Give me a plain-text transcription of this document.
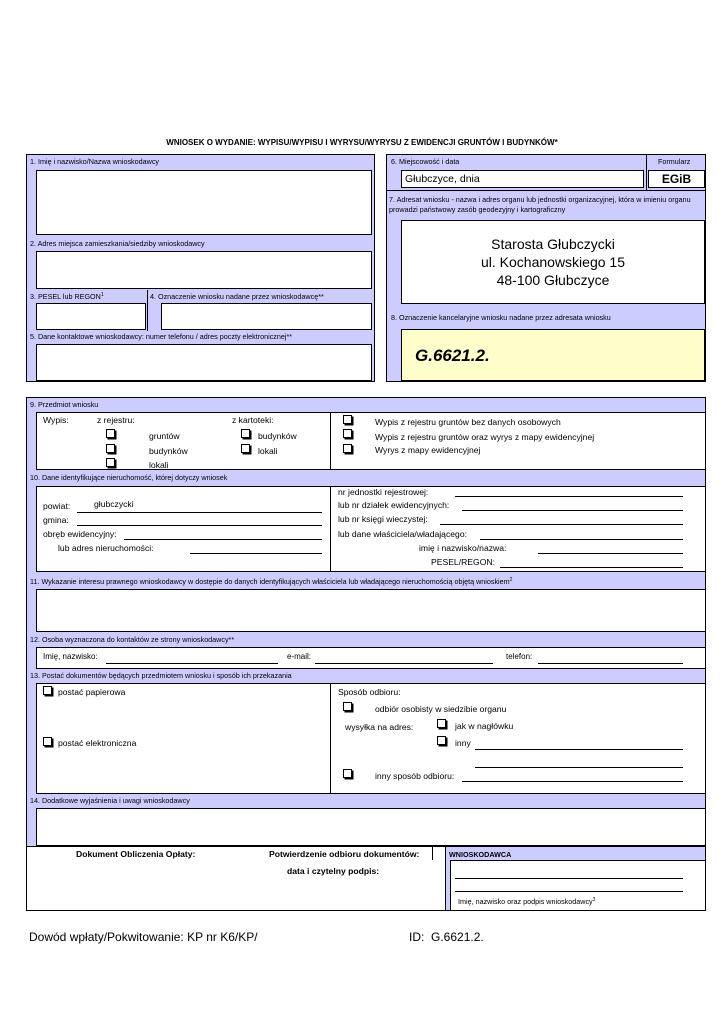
WNIOSEK O WYDANIE: WYPISU/WYPISU I WYRYSU/WYRYSU Z EWIDENCJI GRUNTÓW I BUDYNKÓW*
1. Imię i nazwisko/Nazwa wnioskodawcy
2. Adres miejsca zamieszkania/siedziby wnioskodawcy
3. PESEL lub REGON$^1$	4. Oznaczenie wniosku nadane przez wnioskodawcę**
5. Dane kontaktowe wnioskodawcy: numer telefonu / adres poczty elektronicznej**
6. Miejscowość i data
Głubczyce, dnia
Formularz
EGiB
7. Adresat wniosku - nazwa i adres organu lub jednostki organizacyjnej, która w imieniu organu prowadzi państwowy zasób geodezyjny i kartograficzny
Starosta Głubczycki
ul. Kochanowskiego 15
48-100 Głubczyce
8. Oznaczenie kancelaryjne wniosku nadane przez adresata wniosku
G.6621.2.
9. Przedmiot wniosku
Wypis:	z rejestru:	z kartoteki:
gruntów
budynków
lokali
budynków
lokali
Wypis z rejestru gruntów bez danych osobowych
Wypis z rejestru gruntów oraz wyrys z mapy ewidencyjnej
Wyrys z mapy ewidencyjnej
10. Dane identyfikujące nieruchomość, której dotyczy wniosek
powiat:	głubczycki
gmina:
obręb ewidencyjny:
lub adres nieruchomości:
nr jednostki rejestrowej:
lub nr działek ewidencyjnych:
lub nr księgi wieczystej:
lub dane właściciela/władającego:
imię i nazwisko/nazwa:
PESEL/REGON:
11. Wykazanie interesu prawnego wnioskodawcy w dostępie do danych identyfikujących właściciela lub władającego nieruchomością objętą wnioskiem$^2$
12. Osoba wyznaczona do kontaktów ze strony wnioskodawcy**
Imię, nazwisko:	e-mail:	telefon:
13. Postać dokumentów będących przedmiotem wniosku i sposób ich przekazania
postać papierowa
postać elektroniczna
Sposób odbioru:
odbiór osobisty w siedzibie organu
wysyłka na adres:	jak w nagłówku
inny
inny sposób odbioru:
14. Dodatkowe wyjaśnienia i uwagi wnioskodawcy
Dokument Obliczenia Opłaty:	Potwierdzenie odbioru dokumentów:
data i czytelny podpis:
WNIOSKODAWCA
Imię, nazwisko oraz podpis wnioskodawcy$^3$
Dowód wpłaty/Pokwitowanie: KP nr K6/KP/	ID:  G.6621.2.
